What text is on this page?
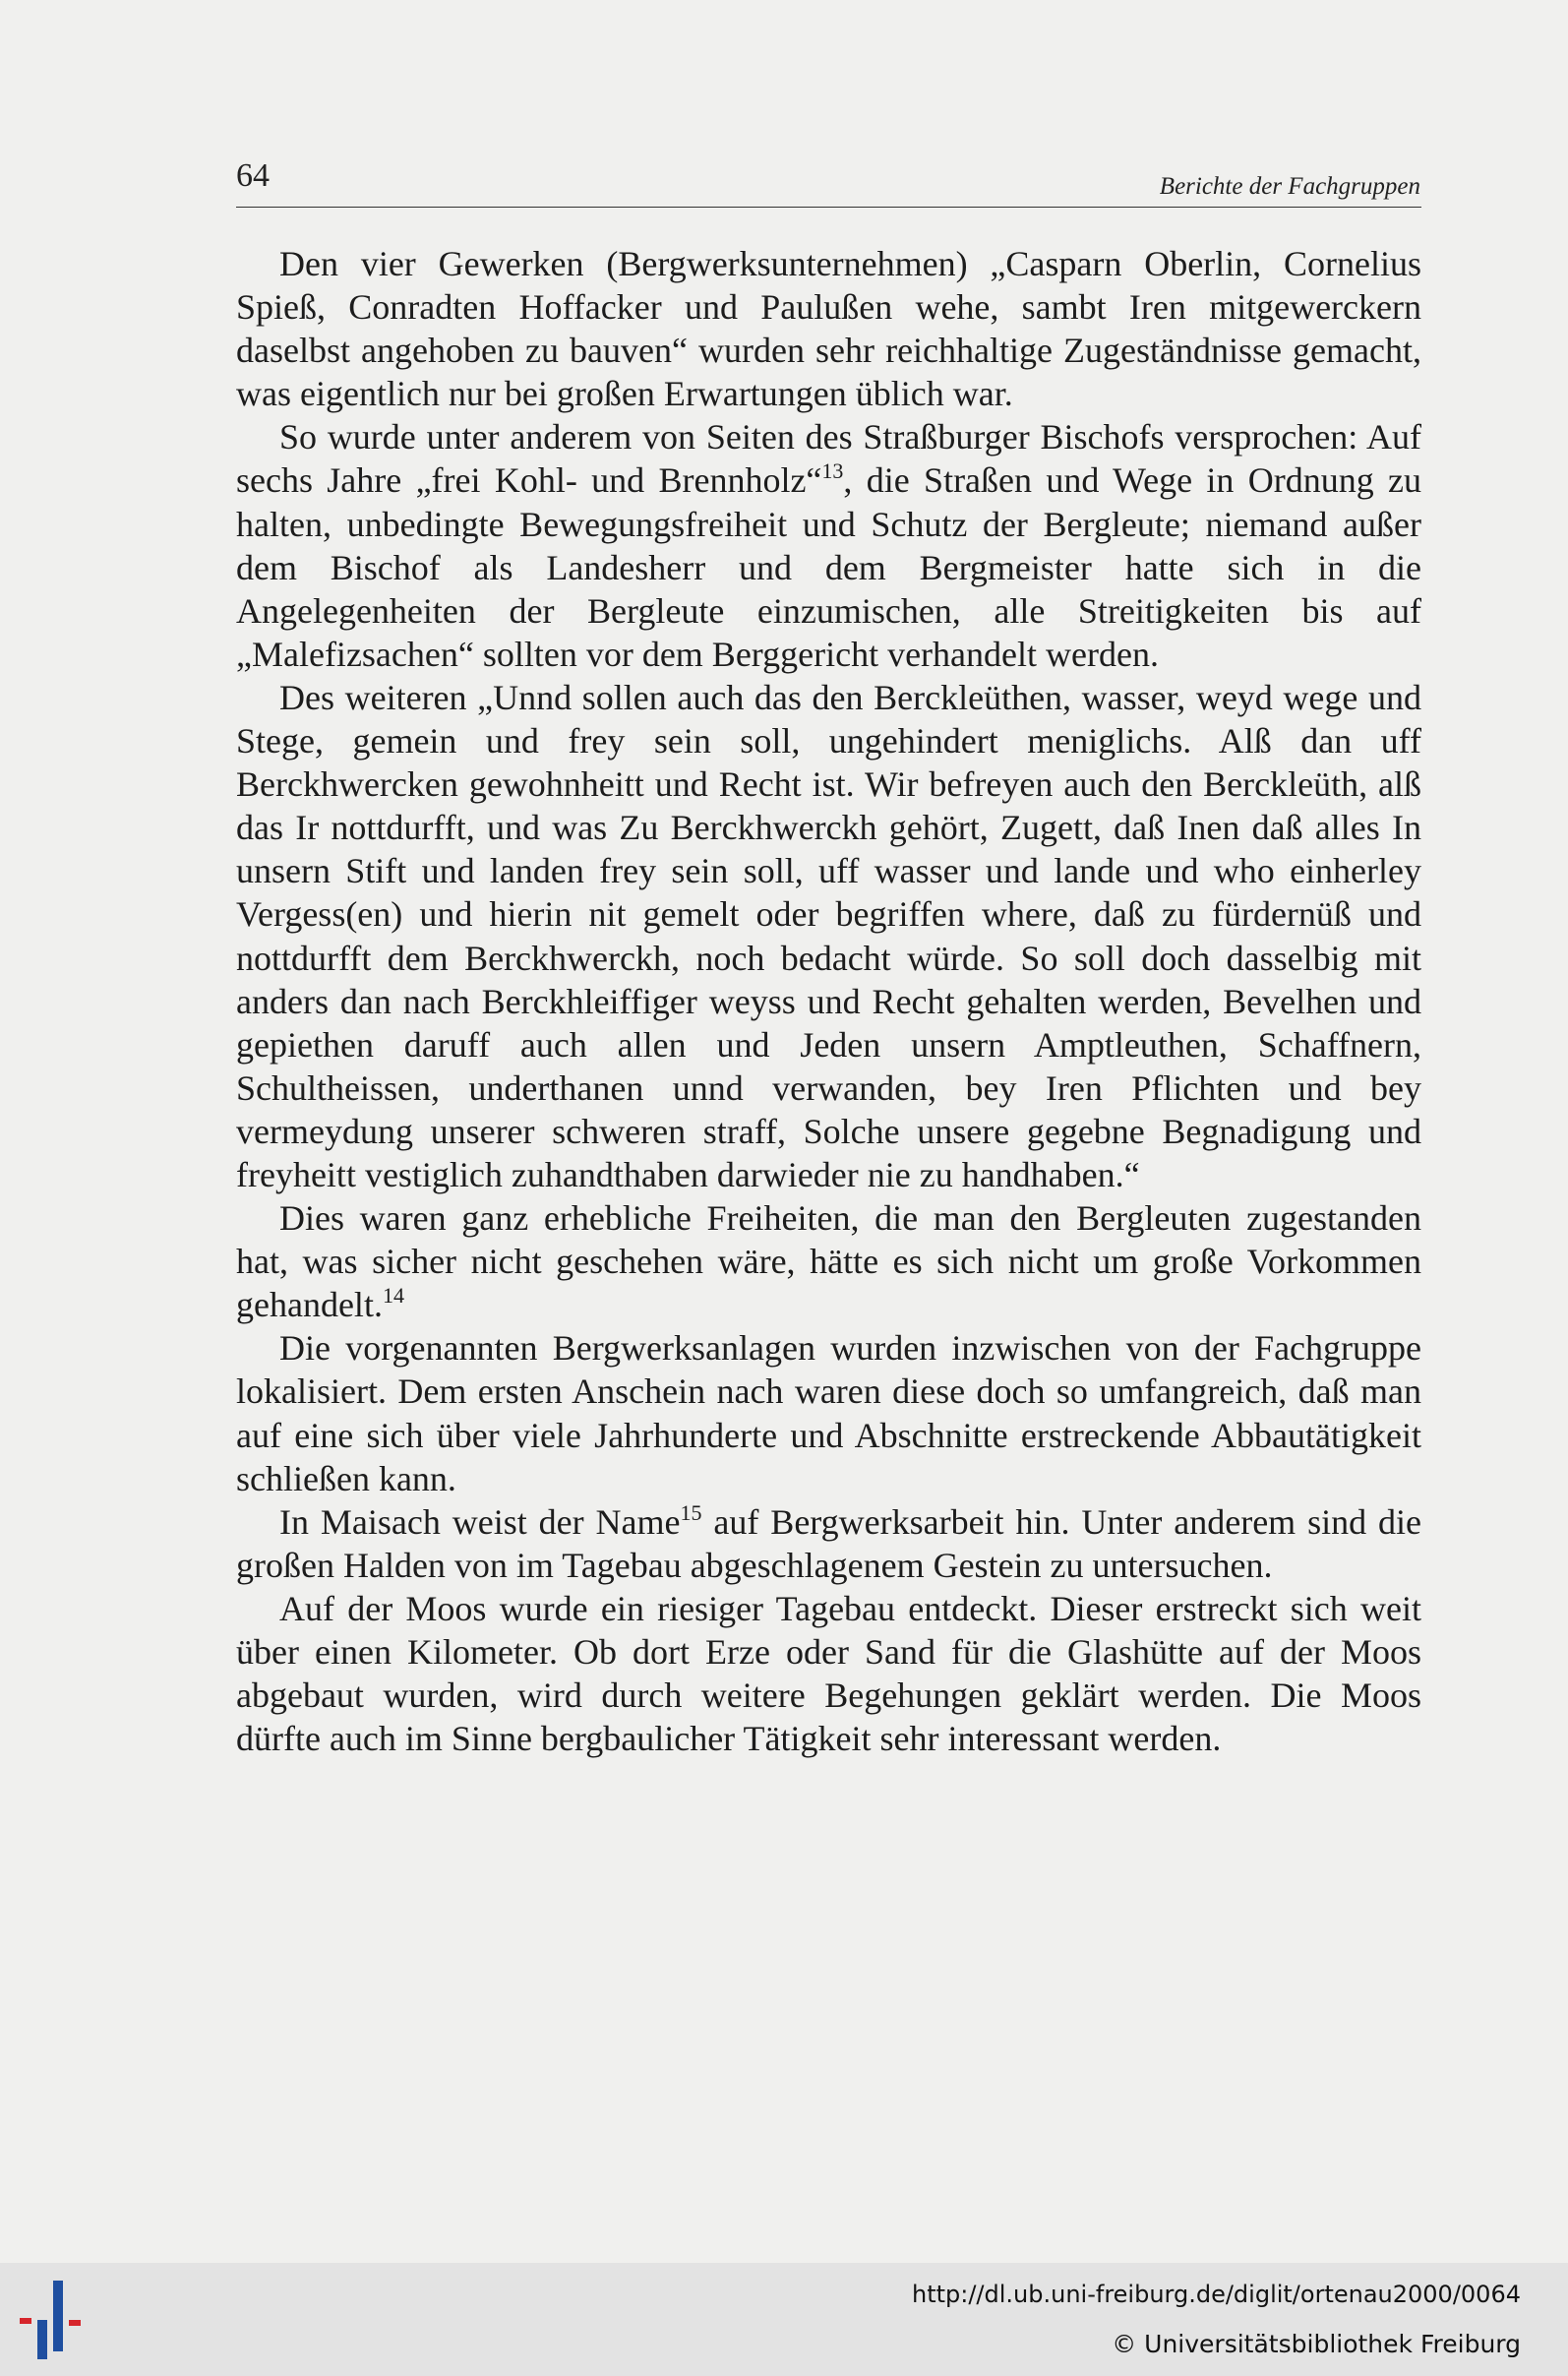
64	Berichte der Fachgruppen

Den vier Gewerken (Bergwerksunternehmen) „Casparn Oberlin, Cornelius Spieß, Conradten Hoffacker und Paulußen wehe, sambt Iren mitgewerckern daselbst angehoben zu bauven“ wurden sehr reichhaltige Zugeständnisse gemacht, was eigentlich nur bei großen Erwartungen üblich war.

So wurde unter anderem von Seiten des Straßburger Bischofs versprochen: Auf sechs Jahre „frei Kohl- und Brennholz“$^{13}$, die Straßen und Wege in Ordnung zu halten, unbedingte Bewegungsfreiheit und Schutz der Bergleute; niemand außer dem Bischof als Landesherr und dem Bergmeister hatte sich in die Angelegenheiten der Bergleute einzumischen, alle Streitigkeiten bis auf „Malefizsachen“ sollten vor dem Berggericht verhandelt werden.

Des weiteren „Unnd sollen auch das den Berckleüthen, wasser, weyd wege und Stege, gemein und frey sein soll, ungehindert meniglichs. Alß dan uff Berckhwercken gewohnheitt und Recht ist. Wir befreyen auch den Berckleüth, alß das Ir nottdurfft, und was Zu Berckhwerckh gehört, Zugett, daß Inen daß alles In unsern Stift und landen frey sein soll, uff wasser und lande und who einherley Vergess(en) und hierin nit gemelt oder begriffen where, daß zu fürdernüß und nottdurfft dem Berckhwerckh, noch bedacht würde. So soll doch dasselbig mit anders dan nach Berckhleiffiger weyss und Recht gehalten werden, Bevelhen und gepiethen daruff auch allen und Jeden unsern Amptleuthen, Schaffnern, Schultheissen, underthanen unnd verwanden, bey Iren Pflichten und bey vermeydung unserer schweren straff, Solche unsere gegebne Begnadigung und freyheitt vestiglich zuhandthaben darwieder nie zu handhaben.“

Dies waren ganz erhebliche Freiheiten, die man den Bergleuten zugestanden hat, was sicher nicht geschehen wäre, hätte es sich nicht um große Vorkommen gehandelt.$^{14}$

Die vorgenannten Bergwerksanlagen wurden inzwischen von der Fachgruppe lokalisiert. Dem ersten Anschein nach waren diese doch so umfangreich, daß man auf eine sich über viele Jahrhunderte und Abschnitte erstreckende Abbautätigkeit schließen kann.

In Maisach weist der Name$^{15}$ auf Bergwerksarbeit hin. Unter anderem sind die großen Halden von im Tagebau abgeschlagenem Gestein zu untersuchen.

Auf der Moos wurde ein riesiger Tagebau entdeckt. Dieser erstreckt sich weit über einen Kilometer. Ob dort Erze oder Sand für die Glashütte auf der Moos abgebaut wurden, wird durch weitere Begehungen geklärt werden. Die Moos dürfte auch im Sinne bergbaulicher Tätigkeit sehr interessant werden.

http://dl.ub.uni-freiburg.de/diglit/ortenau2000/0064
© Universitätsbibliothek Freiburg
